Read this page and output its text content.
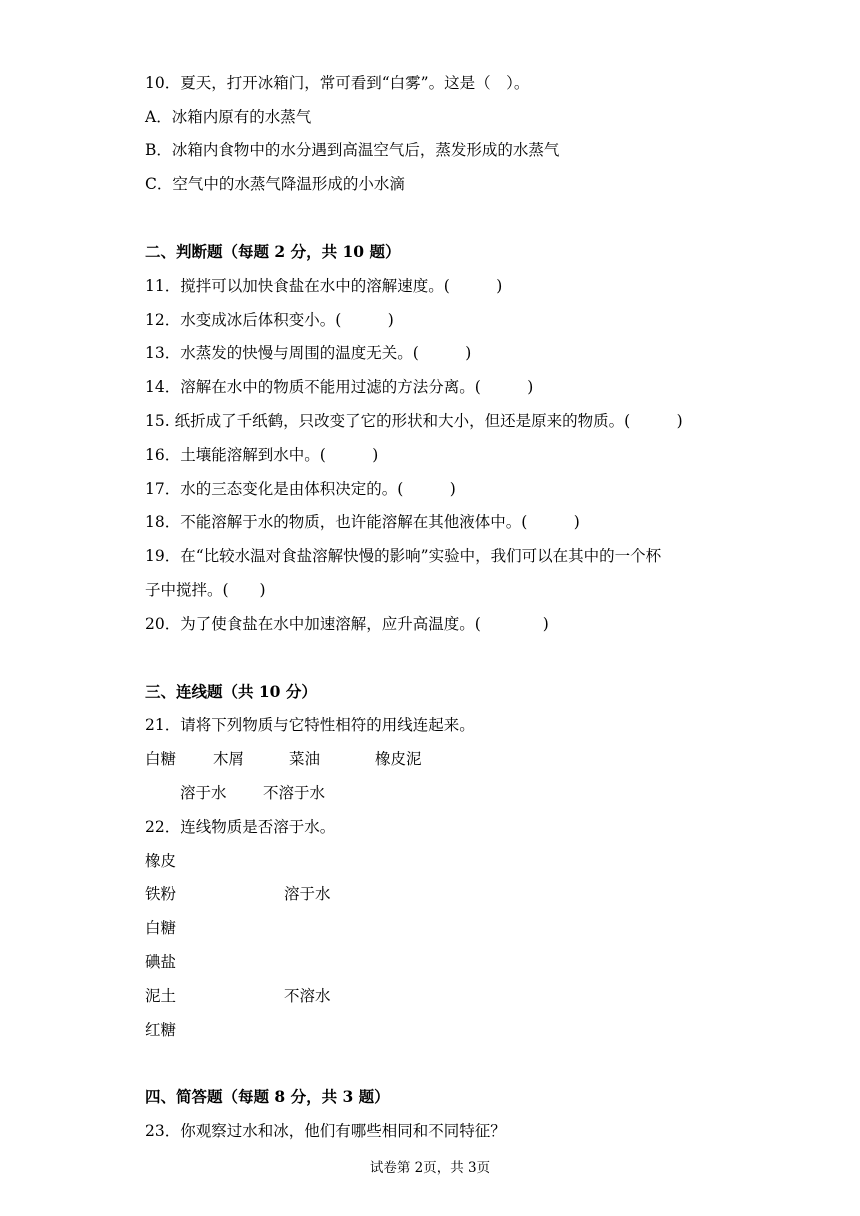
10．夏天，打开冰箱门，常可看到“白雾”。这是（　）。
A．冰箱内原有的水蒸气
B．冰箱内食物中的水分遇到高温空气后，蒸发形成的水蒸气
C．空气中的水蒸气降温形成的小水滴
二、判断题（每题 2 分，共 10 题）
11．搅拌可以加快食盐在水中的溶解速度。(　　　)
12．水变成冰后体积变小。(　　　)
13．水蒸发的快慢与周围的温度无关。(　　　)
14．溶解在水中的物质不能用过滤的方法分离。(　　　)
15. 纸折成了千纸鹤，只改变了它的形状和大小，但还是原来的物质。(　　　)
16．土壤能溶解到水中。(　　　)
17．水的三态变化是由体积决定的。(　　　)
18．不能溶解于水的物质，也许能溶解在其他液体中。(　　　)
19．在“比较水温对食盐溶解快慢的影响”实验中，我们可以在其中的一个杯
子中搅拌。(　　)
20．为了使食盐在水中加速溶解，应升高温度。(　　　　)
三、连线题（共 10 分）
21．请将下列物质与它特性相符的用线连起来。
白糖 木屑	菜油	橡皮泥
溶于水 不溶于水
22．连线物质是否溶于水。
橡皮
铁粉
白糖
碘盐
泥土
红糖
溶于水
不溶水
四、简答题（每题 8 分，共 3 题）
23．你观察过水和冰，他们有哪些相同和不同特征？
试卷第 2页，共 3页
